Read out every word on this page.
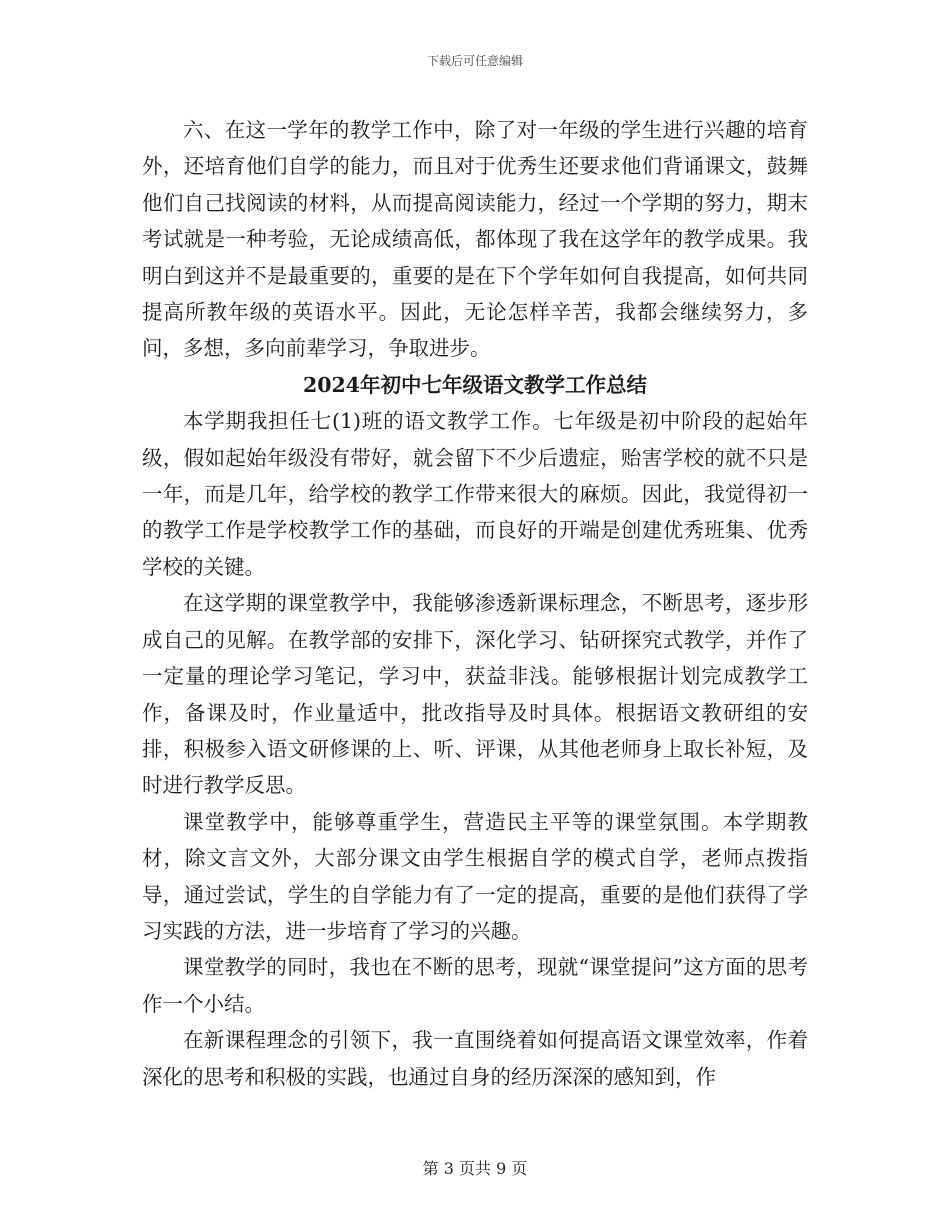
下载后可任意编辑

六、在这一学年的教学工作中，除了对一年级的学生进行兴趣的培育外，还培育他们自学的能力，而且对于优秀生还要求他们背诵课文，鼓舞他们自己找阅读的材料，从而提高阅读能力，经过一个学期的努力，期末考试就是一种考验，无论成绩高低，都体现了我在这学年的教学成果。我明白到这并不是最重要的，重要的是在下个学年如何自我提高，如何共同提高所教年级的英语水平。因此，无论怎样辛苦，我都会继续努力，多问，多想，多向前辈学习，争取进步。

2024年初中七年级语文教学工作总结

本学期我担任七(1)班的语文教学工作。七年级是初中阶段的起始年级，假如起始年级没有带好，就会留下不少后遗症，贻害学校的就不只是一年，而是几年，给学校的教学工作带来很大的麻烦。因此，我觉得初一的教学工作是学校教学工作的基础，而良好的开端是创建优秀班集、优秀学校的关键。

在这学期的课堂教学中，我能够渗透新课标理念，不断思考，逐步形成自己的见解。在教学部的安排下，深化学习、钻研探究式教学，并作了一定量的理论学习笔记，学习中，获益非浅。能够根据计划完成教学工作，备课及时，作业量适中，批改指导及时具体。根据语文教研组的安排，积极参入语文研修课的上、听、评课，从其他老师身上取长补短，及时进行教学反思。

课堂教学中，能够尊重学生，营造民主平等的课堂氛围。本学期教材，除文言文外，大部分课文由学生根据自学的模式自学，老师点拨指导，通过尝试，学生的自学能力有了一定的提高，重要的是他们获得了学习实践的方法，进一步培育了学习的兴趣。

课堂教学的同时，我也在不断的思考，现就“课堂提问”这方面的思考作一个小结。

在新课程理念的引领下，我一直围绕着如何提高语文课堂效率，作着深化的思考和积极的实践，也通过自身的经历深深的感知到，作

第 3 页共 9 页
